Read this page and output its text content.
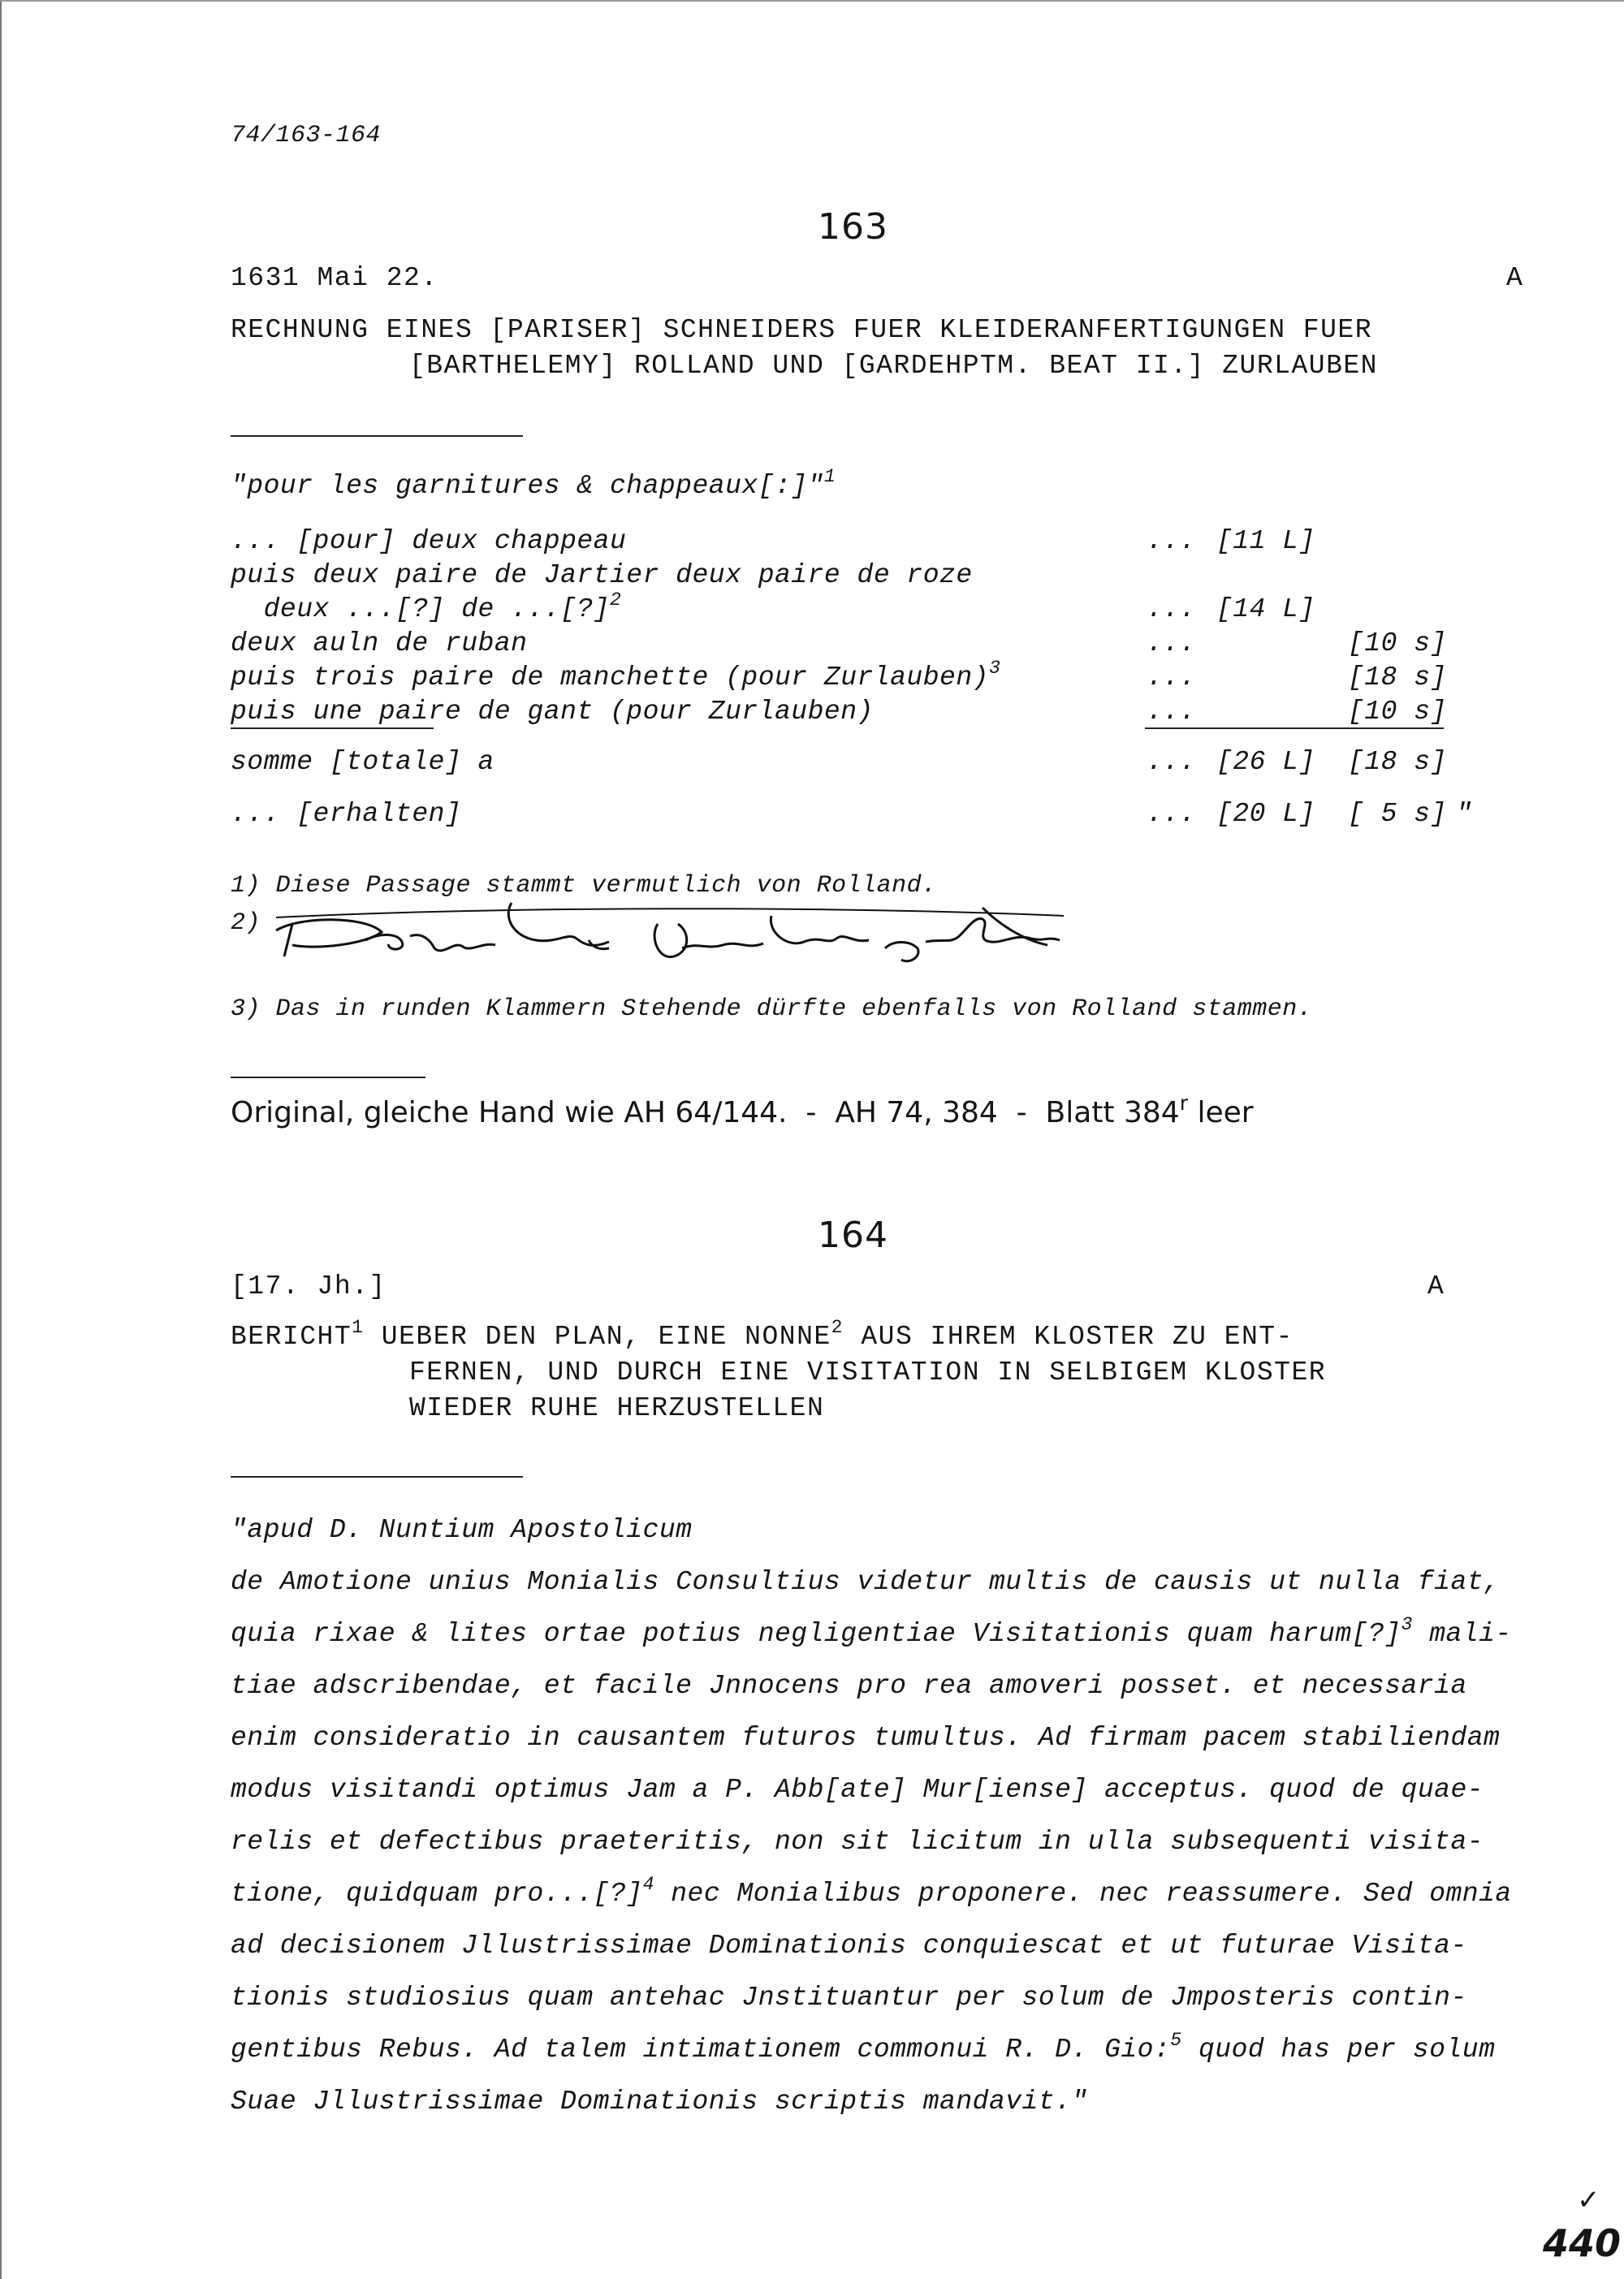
74/163-164
163
1631 Mai 22.	A
RECHNUNG EINES [PARISER] SCHNEIDERS FUER KLEIDERANFERTIGUNGEN FUER
[BARTHELEMY] ROLLAND UND [GARDEHPTM. BEAT II.] ZURLAUBEN
"pour les garnitures & chappeaux[:]"$^1$
... [pour] deux chappeau	... [11 L]
puis deux paire de Jartier deux paire de roze
deux ...[?] de ...[?]$^2$	... [14 L]
deux auln de ruban	...	[10 s]
puis trois paire de manchette (pour Zurlauben)$^3$	...	[18 s]
puis une paire de gant (pour Zurlauben)	...	[10 s]
somme [totale] a	... [26 L] [18 s]
... [erhalten]	... [20 L] [ 5 s] "
1) Diese Passage stammt vermutlich von Rolland.
2)
3) Das in runden Klammern Stehende dürfte ebenfalls von Rolland stammen.
Original, gleiche Hand wie AH 64/144.  -  AH 74, 384  -  Blatt 384$^r$ leer
164
[17. Jh.]	A
BERICHT$^1$ UEBER DEN PLAN, EINE NONNE$^2$ AUS IHREM KLOSTER ZU ENT-
FERNEN, UND DURCH EINE VISITATION IN SELBIGEM KLOSTER
WIEDER RUHE HERZUSTELLEN
"apud D. Nuntium Apostolicum
de Amotione unius Monialis Consultius videtur multis de causis ut nulla fiat,
quia rixae & lites ortae potius negligentiae Visitationis quam harum[?]$^3$ mali-
tiae adscribendae, et facile Jnnocens pro rea amoveri posset. et necessaria
enim consideratio in causantem futuros tumultus. Ad firmam pacem stabiliendam
modus visitandi optimus Jam a P. Abb[ate] Mur[iense] acceptus. quod de quae-
relis et defectibus praeteritis, non sit licitum in ulla subsequenti visita-
tione, quidquam pro...[?]$^4$ nec Monialibus proponere. nec reassumere. Sed omnia
ad decisionem Jllustrissimae Dominationis conquiescat et ut futurae Visita-
tionis studiosius quam antehac Jnstituantur per solum de Jmposteris contin-
gentibus Rebus. Ad talem intimationem commonui R. D. Gio:$^5$ quod has per solum
Suae Jllustrissimae Dominationis scriptis mandavit."
✓
440
